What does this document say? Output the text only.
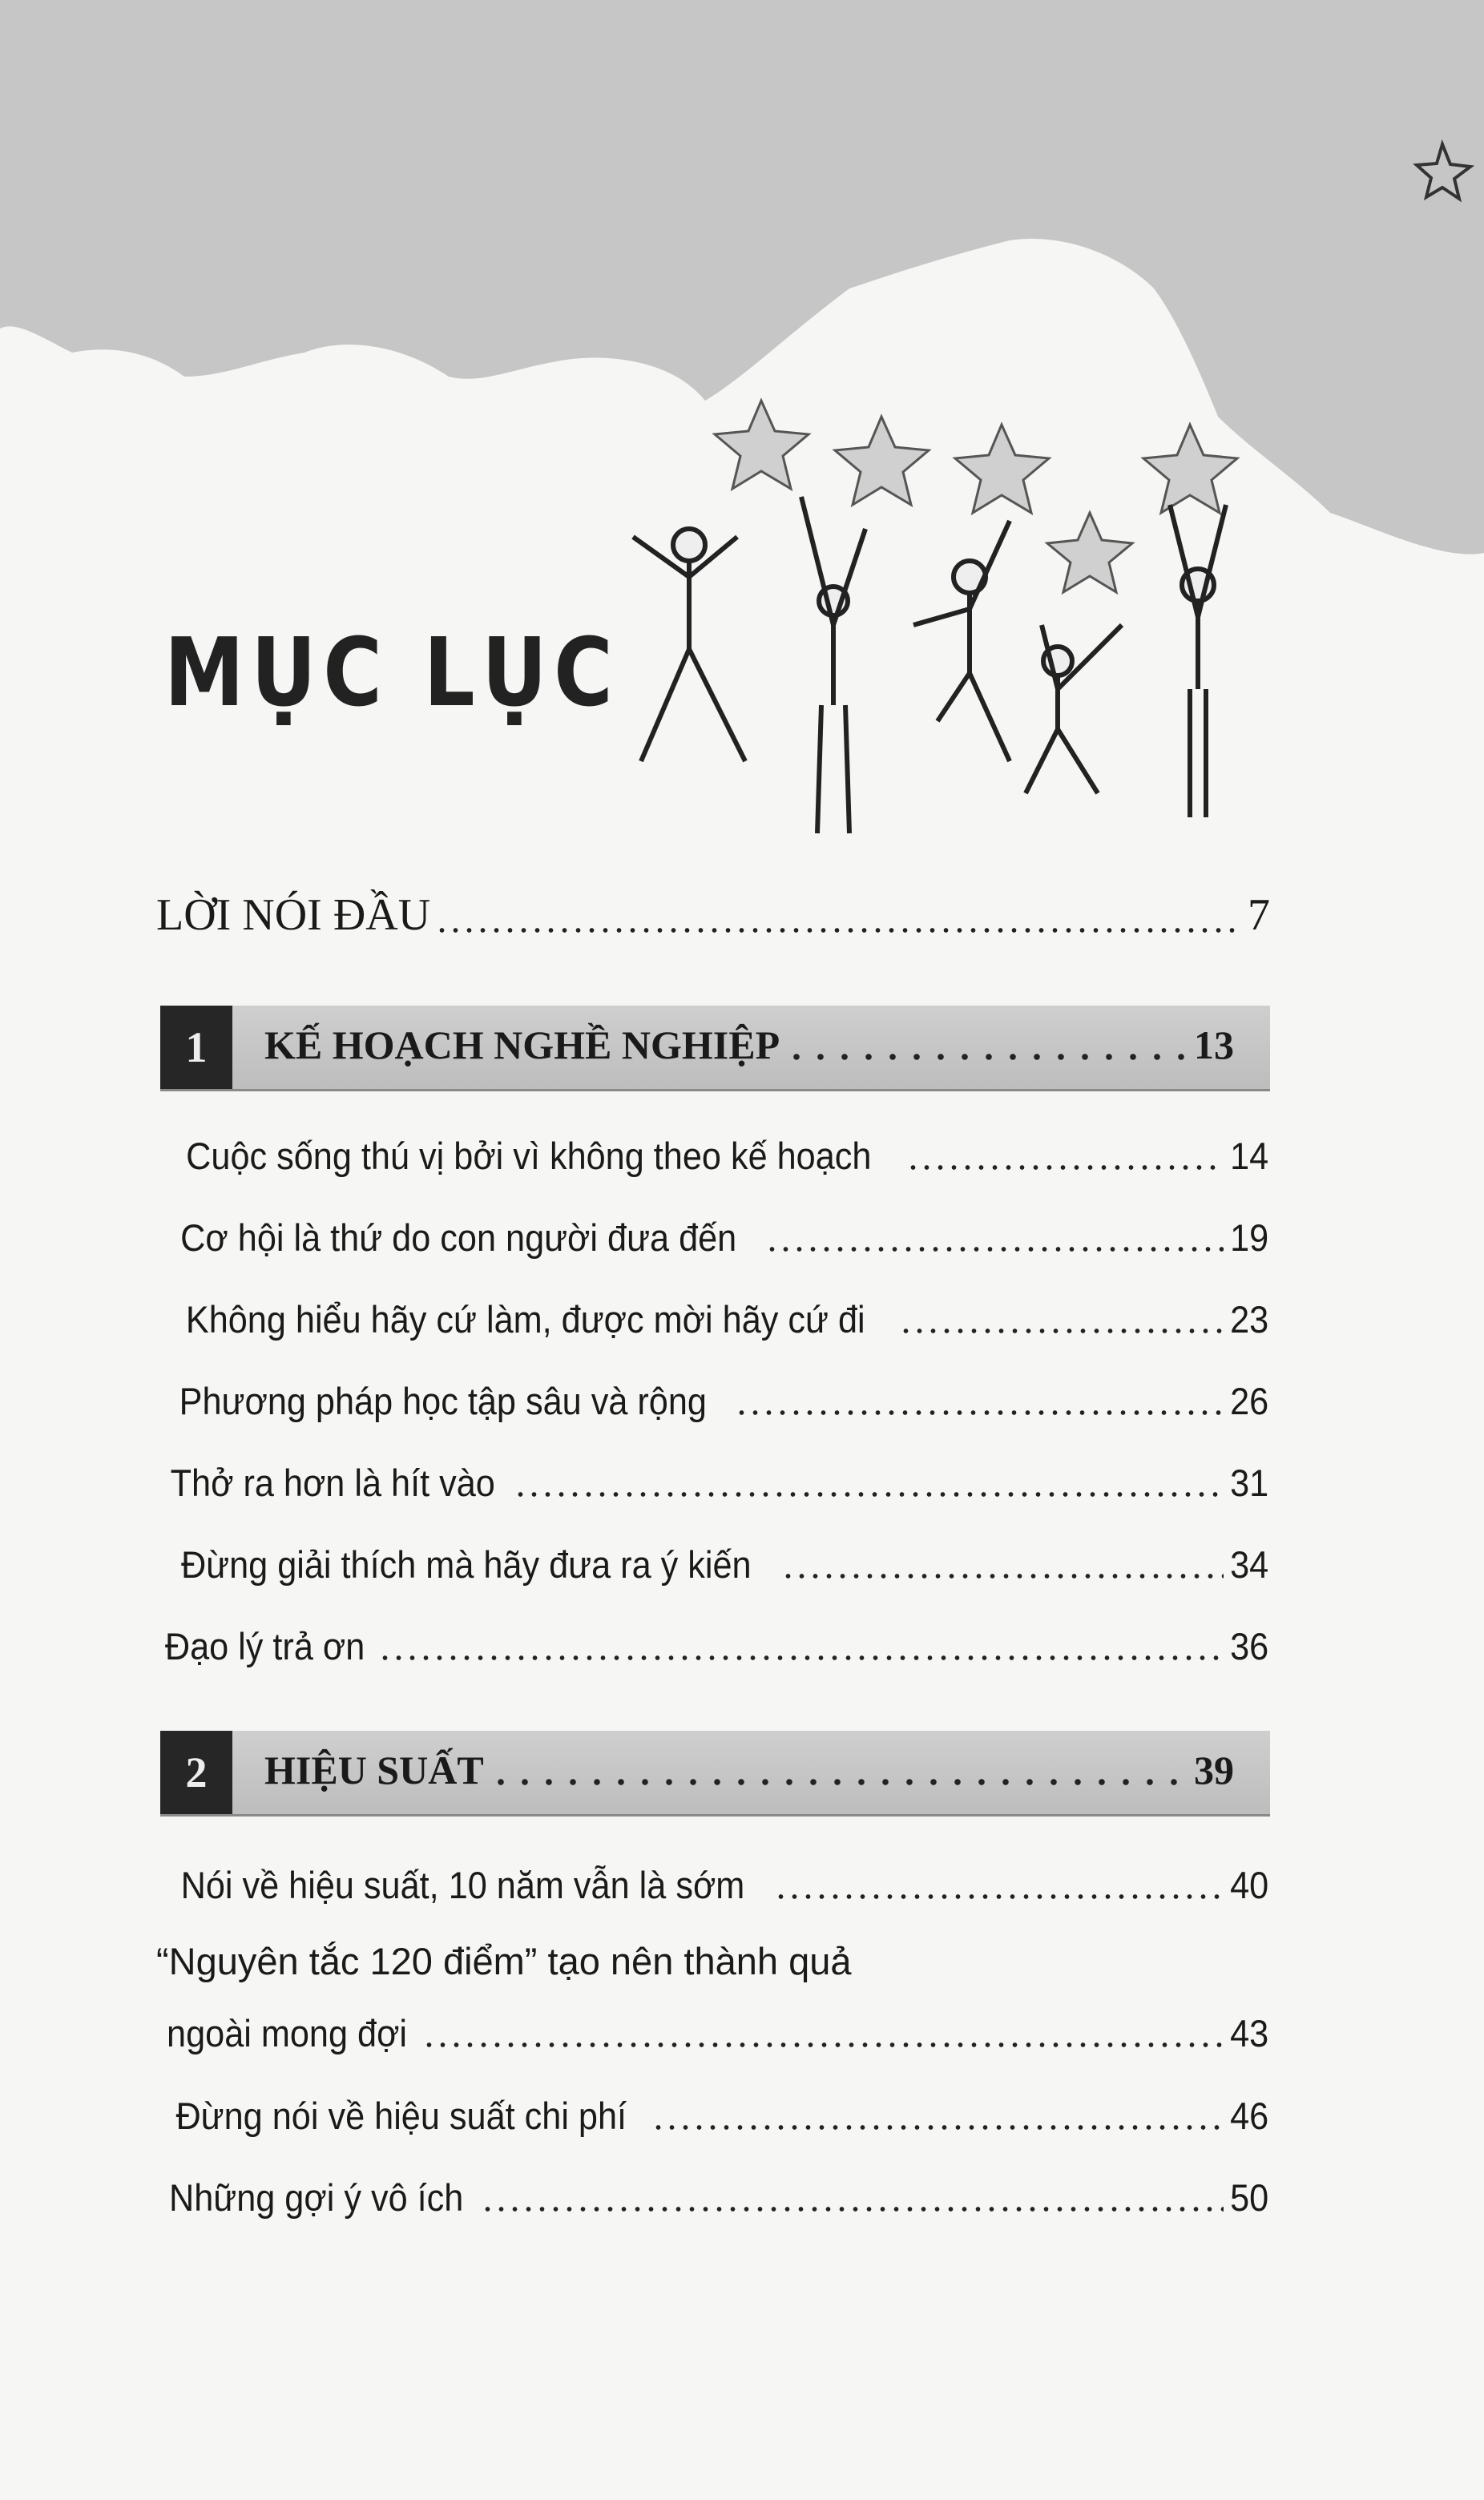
MỤC LỤC
LỜI NÓI ĐẦU	7
1	KẾ HOẠCH NGHỀ NGHIỆP	13
Cuộc sống thú vị bởi vì không theo kế hoạch	14
Cơ hội là thứ do con người đưa đến	19
Không hiểu hãy cứ làm, được mời hãy cứ đi	23
Phương pháp học tập sâu và rộng	26
Thở ra hơn là hít vào	31
Đừng giải thích mà hãy đưa ra ý kiến	34
Đạo lý trả ơn	36
2	HIỆU SUẤT	39
Nói về hiệu suất, 10 năm vẫn là sớm	40
“Nguyên tắc 120 điểm” tạo nên thành quả
ngoài mong đợi	43
Đừng nói về hiệu suất chi phí	46
Những gợi ý vô ích	50
